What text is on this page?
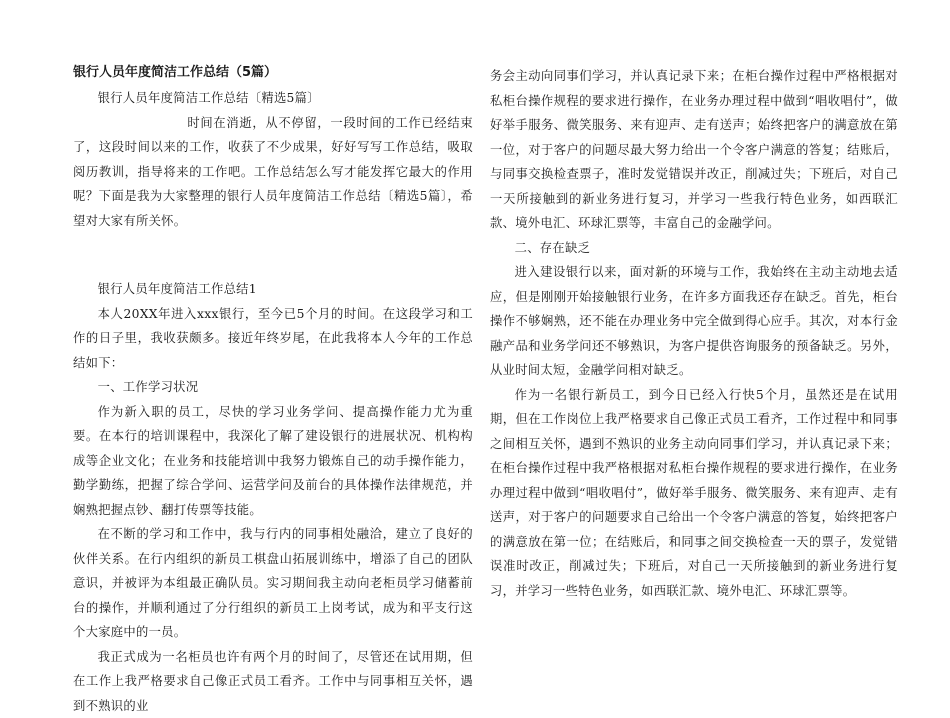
银行人员年度简洁工作总结（5篇）

银行人员年度简洁工作总结〔精选5篇〕

时间在消逝，从不停留，一段时间的工作已经结束了，这段时间以来的工作，收获了不少成果，好好写写工作总结，吸取阅历教训，指导将来的工作吧。工作总结怎么写才能发挥它最大的作用呢？下面是我为大家整理的银行人员年度简洁工作总结〔精选5篇〕，希望对大家有所关怀。

银行人员年度简洁工作总结1

本人20XX年进入xxx银行，至今已5个月的时间。在这段学习和工作的日子里，我收获颇多。接近年终岁尾，在此我将本人今年的工作总结如下：

一、工作学习状况

作为新入职的员工，尽快的学习业务学问、提高操作能力尤为重要。在本行的培训课程中，我深化了解了建设银行的进展状况、机构构成等企业文化；在业务和技能培训中我努力锻炼自己的动手操作能力，勤学勤练，把握了综合学问、运营学问及前台的具体操作法律规范，并娴熟把握点钞、翻打传票等技能。

在不断的学习和工作中，我与行内的同事相处融洽，建立了良好的伙伴关系。在行内组织的新员工棋盘山拓展训练中，增添了自己的团队意识，并被评为本组最正确队员。实习期间我主动向老柜员学习储蓄前台的操作，并顺利通过了分行组织的新员工上岗考试，成为和平支行这个大家庭中的一员。

我正式成为一名柜员也许有两个月的时间了，尽管还在试用期，但在工作上我严格要求自己像正式员工看齐。工作中与同事相互关怀，遇到不熟识的业

务会主动向同事们学习，并认真记录下来；在柜台操作过程中严格根据对私柜台操作规程的要求进行操作，在业务办理过程中做到“唱收唱付”，做好举手服务、微笑服务、来有迎声、走有送声；始终把客户的满意放在第一位，对于客户的问题尽最大努力给出一个令客户满意的答复；结账后，与同事交换检查票子，准时发觉错误并改正，削减过失；下班后，对自己一天所接触到的新业务进行复习，并学习一些我行特色业务，如西联汇款、境外电汇、环球汇票等，丰富自己的金融学问。

二、存在缺乏

进入建设银行以来，面对新的环境与工作，我始终在主动主动地去适应，但是刚刚开始接触银行业务，在许多方面我还存在缺乏。首先，柜台操作不够娴熟，还不能在办理业务中完全做到得心应手。其次，对本行金融产品和业务学问还不够熟识，为客户提供咨询服务的预备缺乏。另外，从业时间太短，金融学问相对缺乏。

作为一名银行新员工，到今日已经入行快5个月，虽然还是在试用期，但在工作岗位上我严格要求自己像正式员工看齐，工作过程中和同事之间相互关怀，遇到不熟识的业务主动向同事们学习，并认真记录下来；在柜台操作过程中我严格根据对私柜台操作规程的要求进行操作，在业务办理过程中做到“唱收唱付”，做好举手服务、微笑服务、来有迎声、走有送声，对于客户的问题要求自己给出一个令客户满意的答复，始终把客户的满意放在第一位；在结账后，和同事之间交换检查一天的票子，发觉错误准时改正，削减过失；下班后，对自己一天所接触到的新业务进行复习，并学习一些特色业务，如西联汇款、境外电汇、环球汇票等。
